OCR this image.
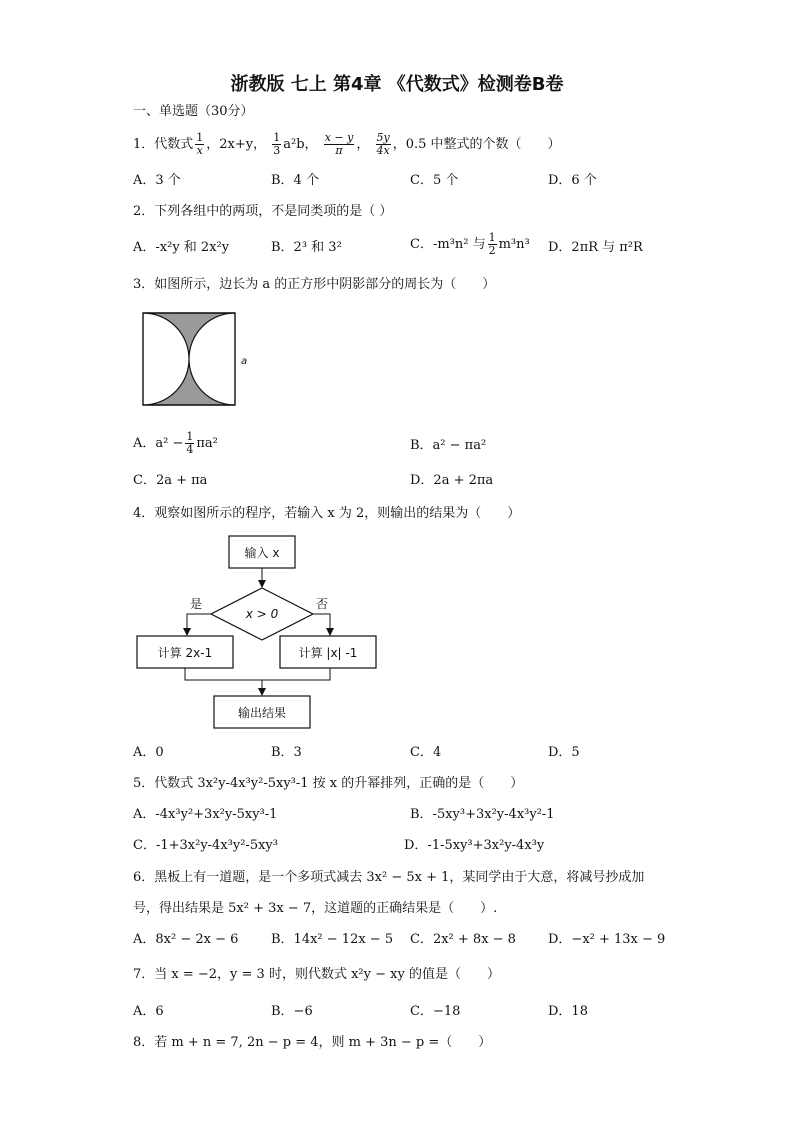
浙教版 七上 第4章 《代数式》检测卷B卷
一、单选题（30分）
1．代数式 $\frac{1}{x}$ ，2x+y， $\frac{1}{3} a^2b$， $\frac{x - y}{\pi}$ ， $\frac{5y}{4x}$ ，0.5 中整式的个数（　　）
A．3 个	B．4 个	C．5 个	D．6 个
2．下列各组中的两项，不是同类项的是（ ）
A．-x²y 和 2x²y	B．2³ 和 3²	C．-m³n² 与 $\frac{1}{2} m^3n^3$ D．2πR 与 π²R
3．如图所示，边长为 a 的正方形中阴影部分的周长为（　　）
a
A．$a^2 - \frac{1}{4} \pi a^2$	B．a² − πa²
C．2a + πa	D．2a + 2πa
4．观察如图所示的程序，若输入 x 为 2，则输出的结果为（　　）
输入 x
x > 0
是	否
计算 2x-1	计算 |x| -1
输出结果
A．0	B．3	C．4	D．5
5．代数式 3x²y-4x³y²-5xy³-1 按 x 的升幂排列，正确的是（　　）
A．-4x³y²+3x²y-5xy³-1	B．-5xy³+3x²y-4x³y²-1
C．-1+3x²y-4x³y²-5xy³	D．-1-5xy³+3x²y-4x³y
6．黑板上有一道题，是一个多项式减去 3x² − 5x + 1，某同学由于大意，将减号抄成加
号，得出结果是 5x² + 3x − 7，这道题的正确结果是（　　）.
A．8x² − 2x − 6	B．14x² − 12x − 5 C．2x² + 8x − 8 D．−x² + 13x − 9
7．当 x = −2，y = 3 时，则代数式 x²y − xy 的值是（　　）
A．6	B．−6	C．−18	D．18
8．若 m + n = 7, 2n − p = 4，则 m + 3n − p =（　　）
